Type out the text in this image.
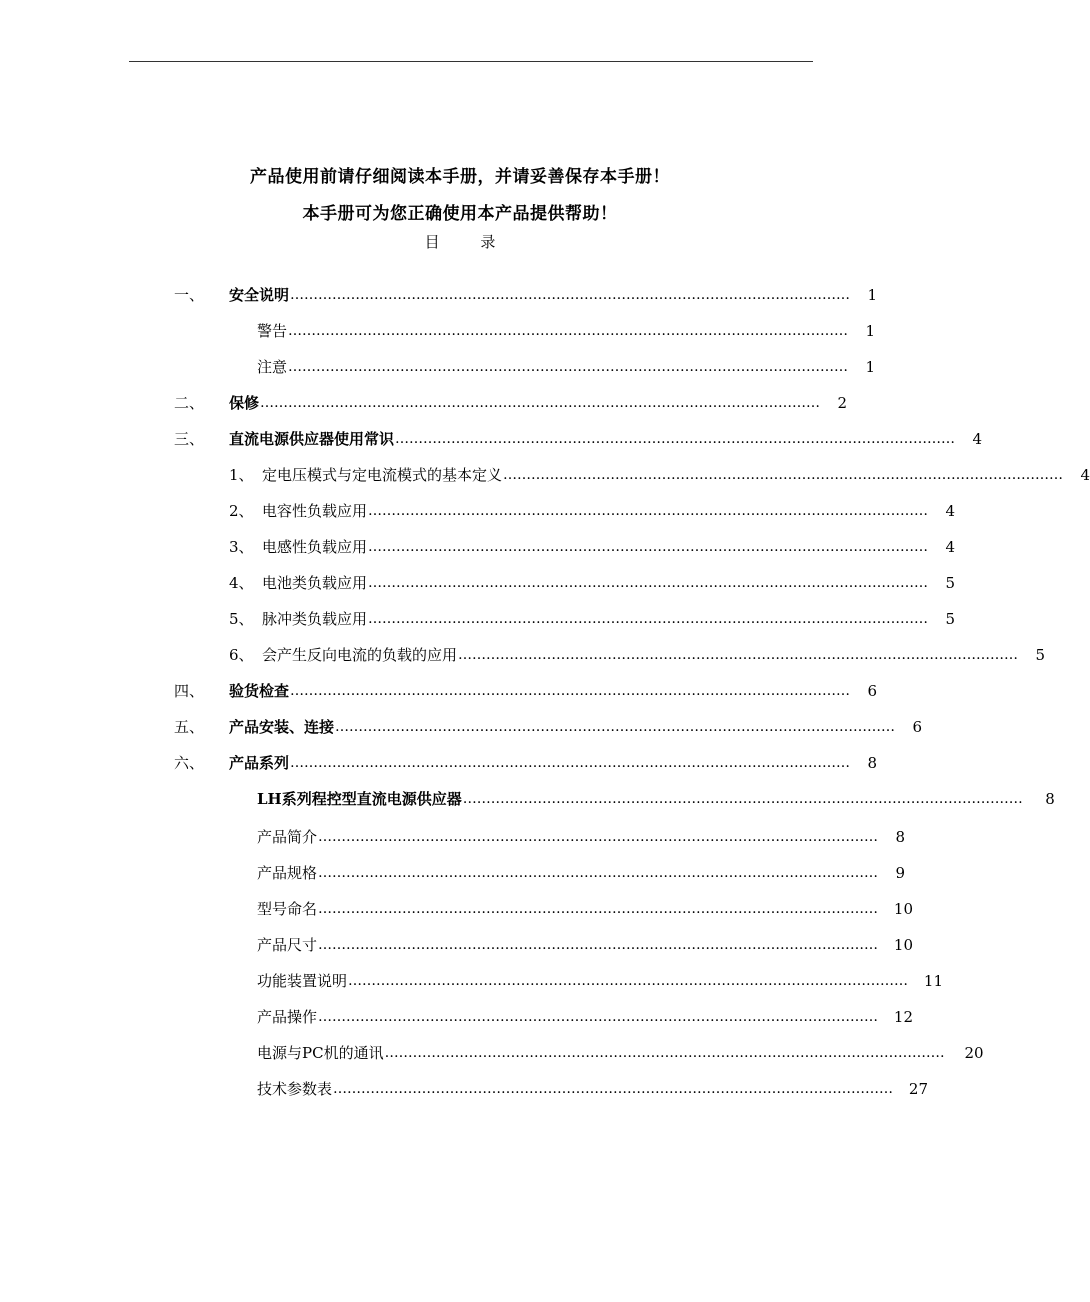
产品使用前请仔细阅读本手册，并请妥善保存本手册！
本手册可为您正确使用本产品提供帮助！
目 录
一、	安全说明 …………………………………………………………………………………………………………	1
警告 …………………………………………………………………………………………………………	1
注意 …………………………………………………………………………………………………………	1
二、	保修 …………………………………………………………………………………………………………	2
三、	直流电源供应器使用常识 …………………………………………………………………………………………………………	4
1、 定电压模式与定电流模式的基本定义 …………………………………………………………………………………………………………	4
2、 电容性负载应用 …………………………………………………………………………………………………………	4
3、 电感性负载应用 …………………………………………………………………………………………………………	4
4、 电池类负载应用 …………………………………………………………………………………………………………	5
5、 脉冲类负载应用 …………………………………………………………………………………………………………	5
6、 会产生反向电流的负载的应用 …………………………………………………………………………………………………………	5
四、	验货检查 …………………………………………………………………………………………………………	6
五、	产品安装、连接 …………………………………………………………………………………………………………	6
六、	产品系列 …………………………………………………………………………………………………………	8
LH系列程控型直流电源供应器 ………………………………………………………………………………………………………… 8
产品简介 …………………………………………………………………………………………………………	8
产品规格 …………………………………………………………………………………………………………	9
型号命名 …………………………………………………………………………………………………………	10
产品尺寸 …………………………………………………………………………………………………………	10
功能装置说明 …………………………………………………………………………………………………………	11
产品操作 …………………………………………………………………………………………………………	12
电源与PC机的通讯 …………………………………………………………………………………………………………	20
技术参数表 …………………………………………………………………………………………………………	27
